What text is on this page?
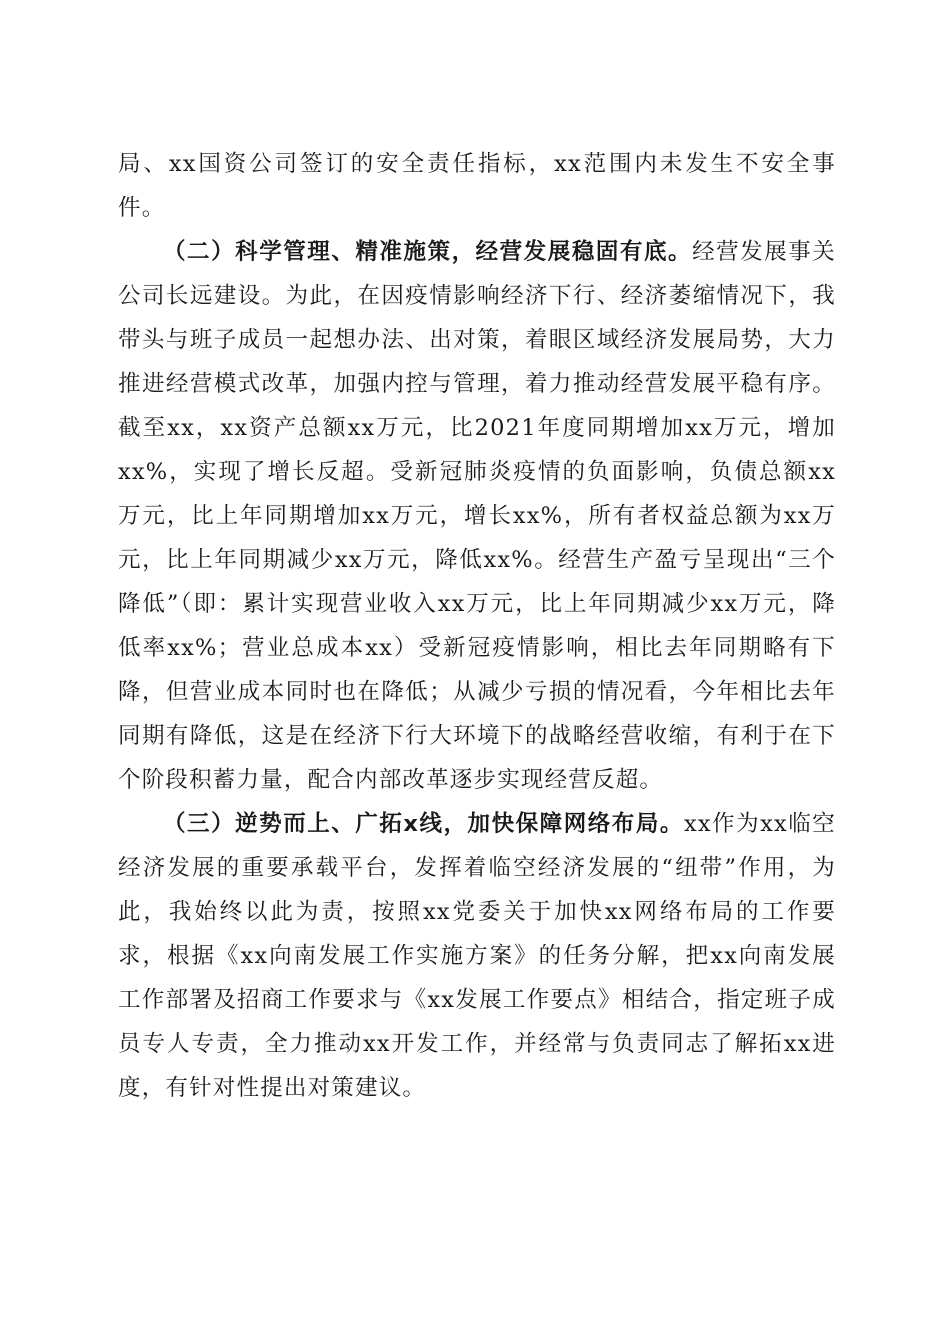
局、xx国资公司签订的安全责任指标，xx范围内未发生不安全事件。

（二）科学管理、精准施策，经营发展稳固有底。经营发展事关公司长远建设。为此，在因疫情影响经济下行、经济萎缩情况下，我带头与班子成员一起想办法、出对策，着眼区域经济发展局势，大力推进经营模式改革，加强内控与管理，着力推动经营发展平稳有序。截至xx，xx资产总额xx万元，比2021年度同期增加xx万元，增加xx%，实现了增长反超。受新冠肺炎疫情的负面影响，负债总额xx万元，比上年同期增加xx万元，增长xx%，所有者权益总额为xx万元，比上年同期减少xx万元，降低xx%。经营生产盈亏呈现出“三个降低”（即：累计实现营业收入xx万元，比上年同期减少xx万元，降低率xx%；营业总成本xx）受新冠疫情影响，相比去年同期略有下降，但营业成本同时也在降低；从减少亏损的情况看，今年相比去年同期有降低，这是在经济下行大环境下的战略经营收缩，有利于在下个阶段积蓄力量，配合内部改革逐步实现经营反超。

（三）逆势而上、广拓x线，加快保障网络布局。xx作为xx临空经济发展的重要承载平台，发挥着临空经济发展的“纽带”作用，为此，我始终以此为责，按照xx党委关于加快xx网络布局的工作要求，根据《xx向南发展工作实施方案》的任务分解，把xx向南发展工作部署及招商工作要求与《xx发展工作要点》相结合，指定班子成员专人专责，全力推动xx开发工作，并经常与负责同志了解拓xx进度，有针对性提出对策建议。
